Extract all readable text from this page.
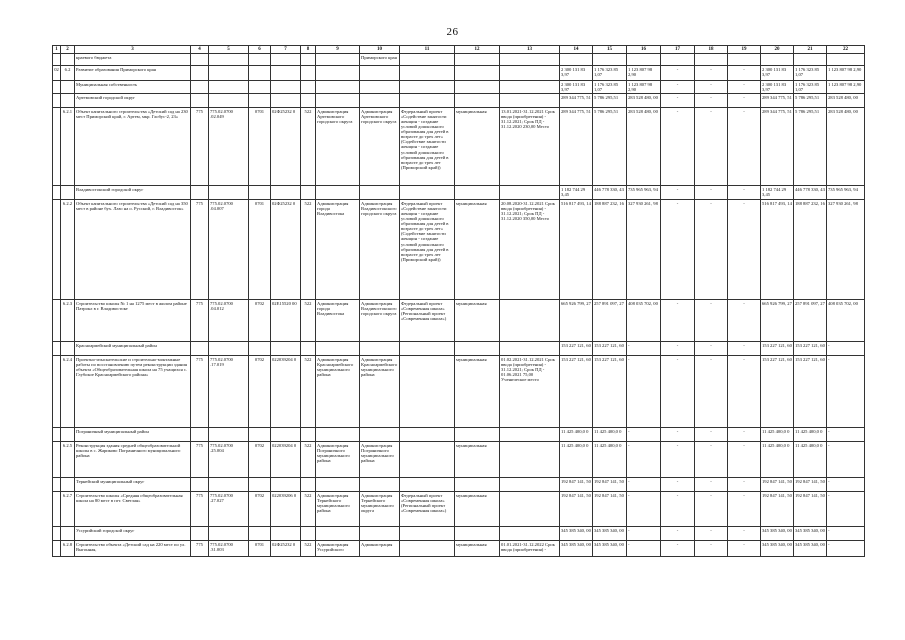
26
1	2	3	4	5	6	7	8	9	10	11	12	13	14	15	16	17	18	19	20	21	22
		краевого бюджета							Приморского края												
02	6.2	Развитие образования Приморского края											2 300 131 83 3,97	1 176 323 85 1,07	1 123 807 98 2,90	-	-	-	2 300 131 83 3,97	1 176 323 85 1,07	1 123 807 98 2,90
		Муниципальная собственность											2 300 131 83 3,97	1 176 323 85 1,07	1 123 807 98 2,90	-	-	-	2 300 131 83 3,97	1 176 323 85 1,07	1 123 807 98 2,90
		Артемовский городской округ											289 344 775, 51	5 786 295,51	283 528 480, 00	-	-	-	289 344 775, 51	5 786 295,51	283 528 480, 00
	6.2.1	Объект капитального строительства «Детский сад на 230 мест Приморский край, г. Артем, мкр. Глобус-2, 23»	775	775.02.0700 .02.049	0701	02Ф25232 0	522	Администрация Артемовского городского округа	Администрация Артемовского городского округа	Федеральный проект «Содействие занятости женщин - создание условий дошкольного образования для детей в возрасте до трех лет» (Содействие занятости женщин - создание условий дошкольного образования для детей в возрасте до трех лет (Приморский край))	муниципальная	13.01.2021-31.12.2021 Срок ввода (приобретения) - 31.12.2021; Срок ПД - 31.12.2020 230,00 Место	289 344 775, 51	5 786 295,51	283 528 480, 00	-	-	-	289 344 775, 51	5 786 295,51	283 528 480, 00
		Владивостокский городской округ											1 182 744 29 3,45	446 778 330, 43	735 965 963, 94	-	-	-	1 182 744 29 3,45	446 778 330, 43	735 965 963, 94
	6.2.2	Объект капитального строительства «Детский сад на 350 мест в районе бух. Лазо на о. Русский, г. Владивосток»	775	775.02.0700 .04.007	0701	02Ф25232 0	522	Администрация города Владивостока	Администрация Владивостокского городского округа	Федеральный проект «Содействие занятости женщин - создание условий дошкольного образования для детей в возрасте до трех лет» (Содействие занятости женщин - создание условий дошкольного образования для детей в возрасте до трех лет (Приморский край))	муниципальная	20.08.2020-31.12.2021 Срок ввода (приобретения) - 31.12.2021; Срок ПД - 31.12.2020 350,00 Место	516 817 493, 14	188 887 232, 16	327 930 261, 98	-	-	-	516 817 493, 14	188 887 232, 16	327 930 261, 98
	6.2.3	Строительство школы № 1 на 1275 мест в жилом районе Патрокл в г. Владивостоке	775	775.02.0700 .04.012	0702	02Е15520 00	522	Администрация города Владивостока	Администрация Владивостокского городского округа	Федеральный проект «Современная школа» (Региональный проект «Современная школа»)	муниципальная		665 926 799, 27	257 891 097, 27	408 035 702, 00	-	-	-	665 926 799, 27	257 891 097, 27	408 035 702, 00
		Красноармейский муниципальный район											153 227 121, 60	153 227 121, 60	-	-	-	-	153 227 121, 60	153 227 121, 60	-
	6.2.4	Проектно-изыскательские и строительно-монтажные работы по восстановлению путем реконструкции здания объекта «Общеобразовательная школа на 75 учащихся с. Глубокое Красноармейского района»	775	775.02.0700 .17.019	0702	022039204 0	522	Администрация Красноармейского муниципального района	Администрация Красноармейского муниципального района		муниципальная	01.02.2021-31.12.2021 Срок ввода (приобретения) - 31.12.2021; Срок ПД - 01.06.2021 75,00 Ученическое место	153 227 121, 60	153 227 121, 60	-	-	-	-	153 227 121, 60	153 227 121, 60	-
		Пограничный муниципальный район											11 425 400,0 0	11 425 400,0 0	-	-	-	-	11 425 400,0 0	11 425 400,0 0	-
	6.2.5	Реконструкция здания средней общеобразовательной школы в с. Жариково Пограничного муниципального района	775	775.02.0700 .25.004	0702	022039204 0	522	Администрация Пограничного муниципального района	Администрация Пограничного муниципального района		муниципальная		11 425 400,0 0	11 425 400,0 0	-	-	-	-	11 425 400,0 0	11 425 400,0 0	-
		Тернейский муниципальный округ											192 847 141, 50	192 847 141, 50	-	-	-	-	192 847 141, 50	192 847 141, 50	-
	6.2.7	Строительство школы «Средняя общеобразовательная школа на 80 мест в пгт. Светлая»	775	775.02.0700 .27.027	0702	022039206 0	522	Администрация Тернейского муниципального района	Администрация Тернейского муниципального округа	Федеральный проект «Современная школа» (Региональный проект «Современная школа»)	муниципальная		192 847 141, 50	192 847 141, 50	-	-	-	-	192 847 141, 50	192 847 141, 50	-
		Уссурийский городской округ											345 385 340, 00	345 385 340, 00	-	-	-	-	345 385 340, 00	345 385 340, 00	-
	6.2.8	Строительство объекта «Детский сад на 220 мест по ул. Выгонная,	775	775.02.0700 .31.003	0701	02Ф25232 0	522	Администрация Уссурийского	Администрация		муниципальная	01.01.2021-31.12.2022 Срок ввода (приобретения) -	345 385 340, 00	345 385 340, 00	-	-	-	-	345 385 340, 00	345 385 340, 00	-
